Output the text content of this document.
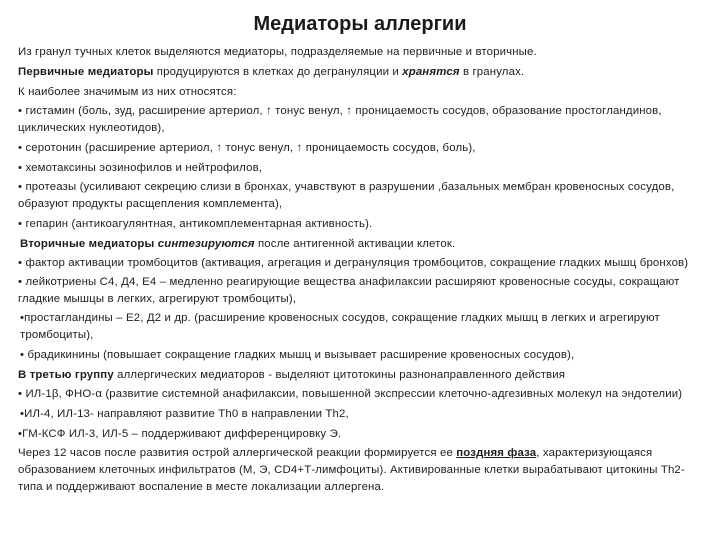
Медиаторы аллергии

Из гранул тучных клеток выделяются медиаторы, подразделяемые на первичные и вторичные.

Первичные медиаторы продуцируются в клетках до дегрануляции и хранятся в гранулах.

К наиболее значимым из них относятся:

• гистамин (боль, зуд, расширение артериол, ↑ тонус венул, ↑ проницаемость сосудов, образование простогландинов, циклических нуклеотидов),

• серотонин (расширение артериол, ↑ тонус венул, ↑ проницаемость сосудов, боль),

• хемотаксины эозинофилов и нейтрофилов,

• протеазы (усиливают секрецию слизи в бронхах, учавствуют в разрушении ,базальных мембран кровеносных сосудов, образуют продукты расщепления комплемента),

• гепарин (антикоагулянтная, антикомплементарная активность).

Вторичные медиаторы синтезируются после антигенной активации клеток.

• фактор активации тромбоцитов (активация, агрегация и дегрануляция тромбоцитов, сокращение гладких мышц бронхов)

• лейкотриены С4, Д4, Е4 – медленно реагирующие вещества анафилаксии расширяют кровеносные сосуды, сокращают гладкие мышцы в легких, агрегируют тромбоциты),

•простагландины – Е2, Д2 и др. (расширение кровеносных сосудов, сокращение гладких мышц в легких и агрегируют тромбоциты),

• брадикинины (повышает сокращение гладких мышц и вызывает расширение кровеносных сосудов),

В третью группу аллергических медиаторов - выделяют цитотокины разнонаправленного действия

• ИЛ-1β, ФНО-α (развитие системной анафилаксии, повышенной экспрессии клеточно-адгезивных молекул на эндотелии)

•ИЛ-4, ИЛ-13- направляют развитие Th0 в направлении Th2,

•ГМ-КСФ ИЛ-3, ИЛ-5 – поддерживают дифференцировку Э.

Через 12 часов после развития острой аллергической реакции формируется ее поздняя фаза, характеризующаяся образованием клеточных инфильтратов (М, Э, СD4+Т-лимфоциты). Активированные клетки вырабатывают цитокины Th2-типа и поддерживают воспаление в месте локализации аллергена.
